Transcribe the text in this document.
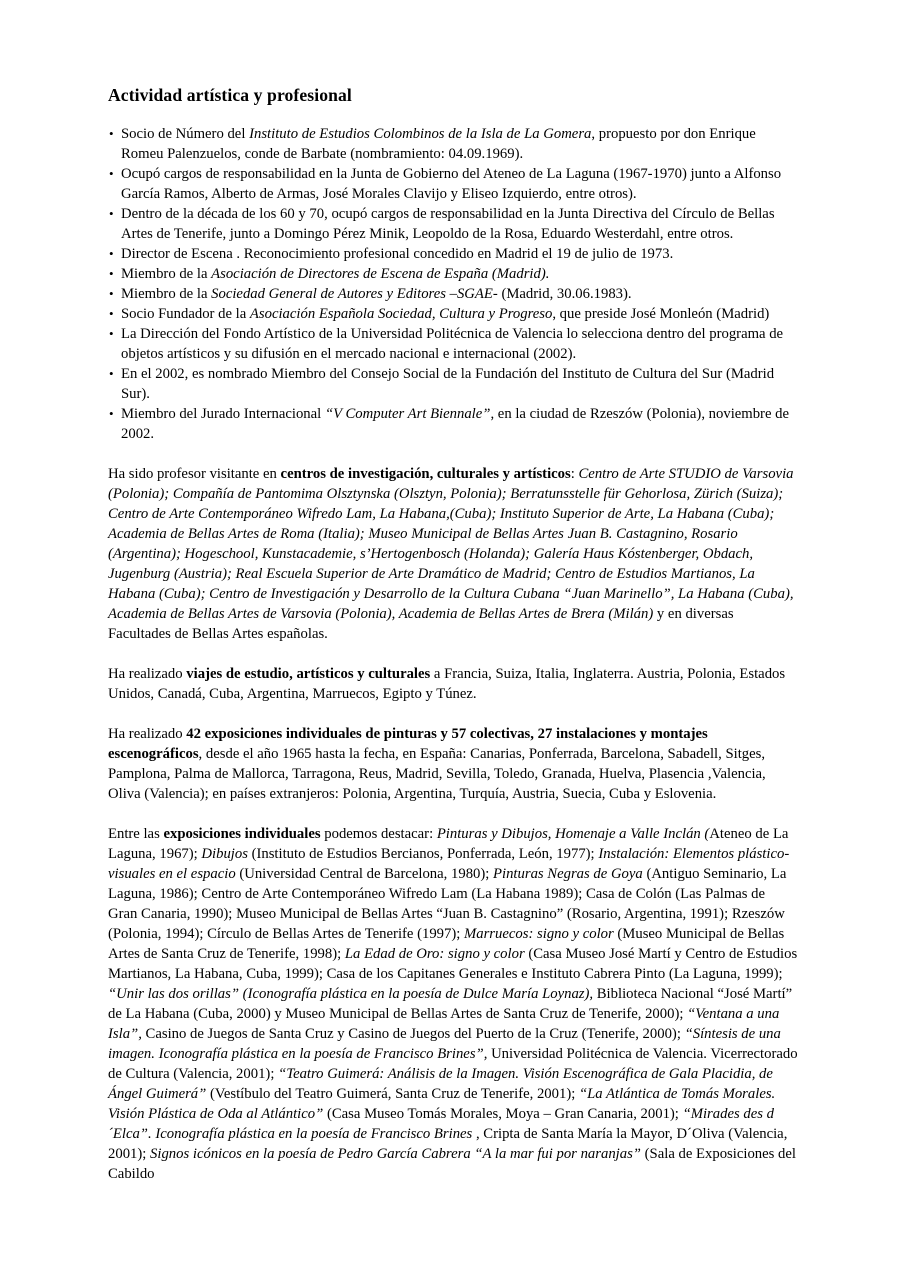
Actividad artística y profesional
• Socio de Número del Instituto de Estudios Colombinos de la Isla de La Gomera, propuesto por don Enrique Romeu Palenzuelos, conde de Barbate (nombramiento: 04.09.1969).
• Ocupó cargos de responsabilidad en la Junta de Gobierno del Ateneo de La Laguna (1967-1970) junto a Alfonso García Ramos, Alberto de Armas, José Morales Clavijo y Eliseo Izquierdo, entre otros).
• Dentro de la década de los 60 y 70, ocupó cargos de responsabilidad en la Junta Directiva del Círculo de Bellas Artes de Tenerife, junto a Domingo Pérez Minik, Leopoldo de la Rosa, Eduardo Westerdahl, entre otros.
• Director de Escena . Reconocimiento profesional concedido en Madrid el 19 de julio de 1973.
• Miembro de la Asociación de Directores de Escena de España (Madrid).
• Miembro de la Sociedad General de Autores y Editores –SGAE- (Madrid, 30.06.1983).
• Socio Fundador de la Asociación Española Sociedad, Cultura y Progreso, que preside José Monleón (Madrid)
• La Dirección del Fondo Artístico de la Universidad Politécnica de Valencia lo selecciona dentro del programa de objetos artísticos y su difusión en el mercado nacional e internacional (2002).
• En el 2002, es nombrado Miembro del Consejo Social de la Fundación del Instituto de Cultura del Sur (Madrid Sur).
• Miembro del Jurado Internacional “V Computer Art Biennale”, en la ciudad de Rzeszów (Polonia), noviembre de 2002.

Ha sido profesor visitante en centros de investigación, culturales y artísticos: Centro de Arte STUDIO de Varsovia (Polonia); Compañía de Pantomima Olsztynska (Olsztyn, Polonia); Berratunsstelle für Gehorlosa, Zürich (Suiza); Centro de Arte Contemporáneo Wifredo Lam, La Habana,(Cuba); Instituto Superior de Arte, La Habana (Cuba); Academia de Bellas Artes de Roma (Italia); Museo Municipal de Bellas Artes Juan B. Castagnino, Rosario (Argentina); Hogeschool, Kunstacademie, s’Hertogenbosch (Holanda); Galería Haus Kóstenberger, Obdach, Jugenburg (Austria); Real Escuela Superior de Arte Dramático de Madrid; Centro de Estudios Martianos, La Habana (Cuba); Centro de Investigación y Desarrollo de la Cultura Cubana “Juan Marinello”, La Habana (Cuba), Academia de Bellas Artes de Varsovia (Polonia), Academia de Bellas Artes de Brera (Milán) y en diversas Facultades de Bellas Artes españolas.

Ha realizado viajes de estudio, artísticos y culturales a Francia, Suiza, Italia, Inglaterra. Austria, Polonia, Estados Unidos, Canadá, Cuba, Argentina, Marruecos, Egipto y Túnez.

Ha realizado 42 exposiciones individuales de pinturas y 57 colectivas, 27 instalaciones y montajes escenográficos, desde el año 1965 hasta la fecha, en España: Canarias, Ponferrada, Barcelona, Sabadell, Sitges, Pamplona, Palma de Mallorca, Tarragona, Reus, Madrid, Sevilla, Toledo, Granada, Huelva, Plasencia ,Valencia, Oliva (Valencia); en países extranjeros: Polonia, Argentina, Turquía, Austria, Suecia, Cuba y Eslovenia.

Entre las exposiciones individuales podemos destacar: Pinturas y Dibujos, Homenaje a Valle Inclán (Ateneo de La Laguna, 1967); Dibujos (Instituto de Estudios Bercianos, Ponferrada, León, 1977); Instalación: Elementos plástico-visuales en el espacio (Universidad Central de Barcelona, 1980); Pinturas Negras de Goya (Antiguo Seminario, La Laguna, 1986); Centro de Arte Contemporáneo Wifredo Lam (La Habana 1989); Casa de Colón (Las Palmas de Gran Canaria, 1990); Museo Municipal de Bellas Artes “Juan B. Castagnino” (Rosario, Argentina, 1991); Rzeszów (Polonia, 1994); Círculo de Bellas Artes de Tenerife (1997); Marruecos: signo y color (Museo Municipal de Bellas Artes de Santa Cruz de Tenerife, 1998); La Edad de Oro: signo y color (Casa Museo José Martí y Centro de Estudios Martianos, La Habana, Cuba, 1999); Casa de los Capitanes Generales e Instituto Cabrera Pinto (La Laguna, 1999); “Unir las dos orillas” (Iconografía plástica en la poesía de Dulce María Loynaz), Biblioteca Nacional “José Martí” de La Habana (Cuba, 2000) y Museo Municipal de Bellas Artes de Santa Cruz de Tenerife, 2000); “Ventana a una Isla”, Casino de Juegos de Santa Cruz y Casino de Juegos del Puerto de la Cruz (Tenerife, 2000); “Síntesis de una imagen. Iconografía plástica en la poesía de Francisco Brines”, Universidad Politécnica de Valencia. Vicerrectorado de Cultura (Valencia, 2001); “Teatro Guimerá: Análisis de la Imagen. Visión Escenográfica de Gala Placidia, de Ángel Guimerá” (Vestíbulo del Teatro Guimerá, Santa Cruz de Tenerife, 2001); “La Atlántica de Tomás Morales. Visión Plástica de Oda al Atlántico” (Casa Museo Tomás Morales, Moya – Gran Canaria, 2001); “Mirades des d´Elca”. Iconografía plástica en la poesía de Francisco Brines , Cripta de Santa María la Mayor, D´Oliva (Valencia, 2001); Signos icónicos en la poesía de Pedro García Cabrera “A la mar fui por naranjas” (Sala de Exposiciones del Cabildo
